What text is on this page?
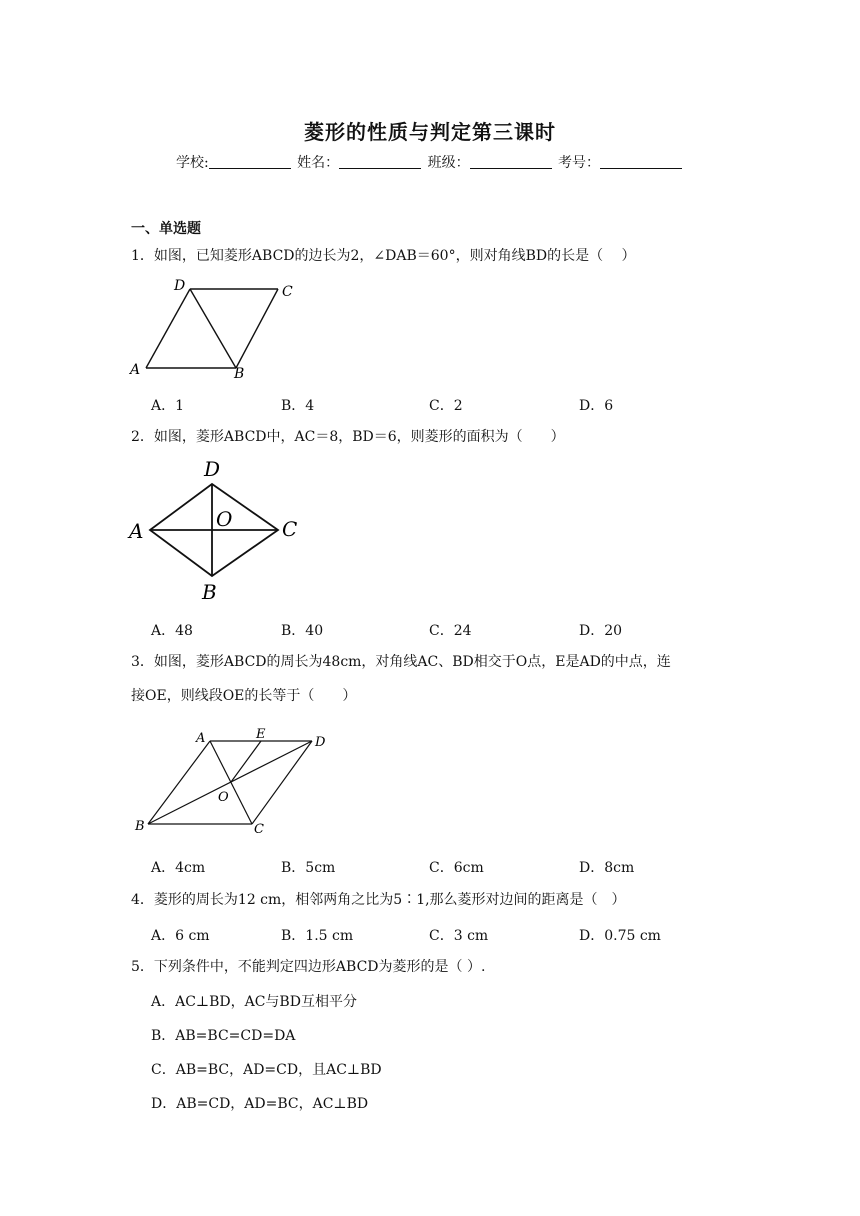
菱形的性质与判定第三课时
学校:	姓名：	班级：	考号：
一、单选题
1．如图，已知菱形ABCD的边长为2，∠DAB＝60°，则对角线BD的长是（　 ）
A	B
C
D
A．1	B．4	C．2	D．6
2．如图，菱形ABCD中，AC＝8，BD＝6，则菱形的面积为（　　）
A
B
C
D
O
A．48	B．40	C．24	D．20
3．如图，菱形ABCD的周长为48cm，对角线AC、BD相交于O点，E是AD的中点，连
接OE，则线段OE的长等于（　　）
A
B	C
D
E
O
A．4cm	B．5cm	C．6cm	D．8cm
4．菱形的周长为12 cm，相邻两角之比为5∶1,那么菱形对边间的距离是（　）
A．6 cm	B．1.5 cm	C．3 cm	D．0.75 cm
5．下列条件中，不能判定四边形ABCD为菱形的是（ ）.
A．AC⊥BD，AC与BD互相平分
B．AB=BC=CD=DA
C．AB=BC，AD=CD，且AC⊥BD
D．AB=CD，AD=BC，AC⊥BD
